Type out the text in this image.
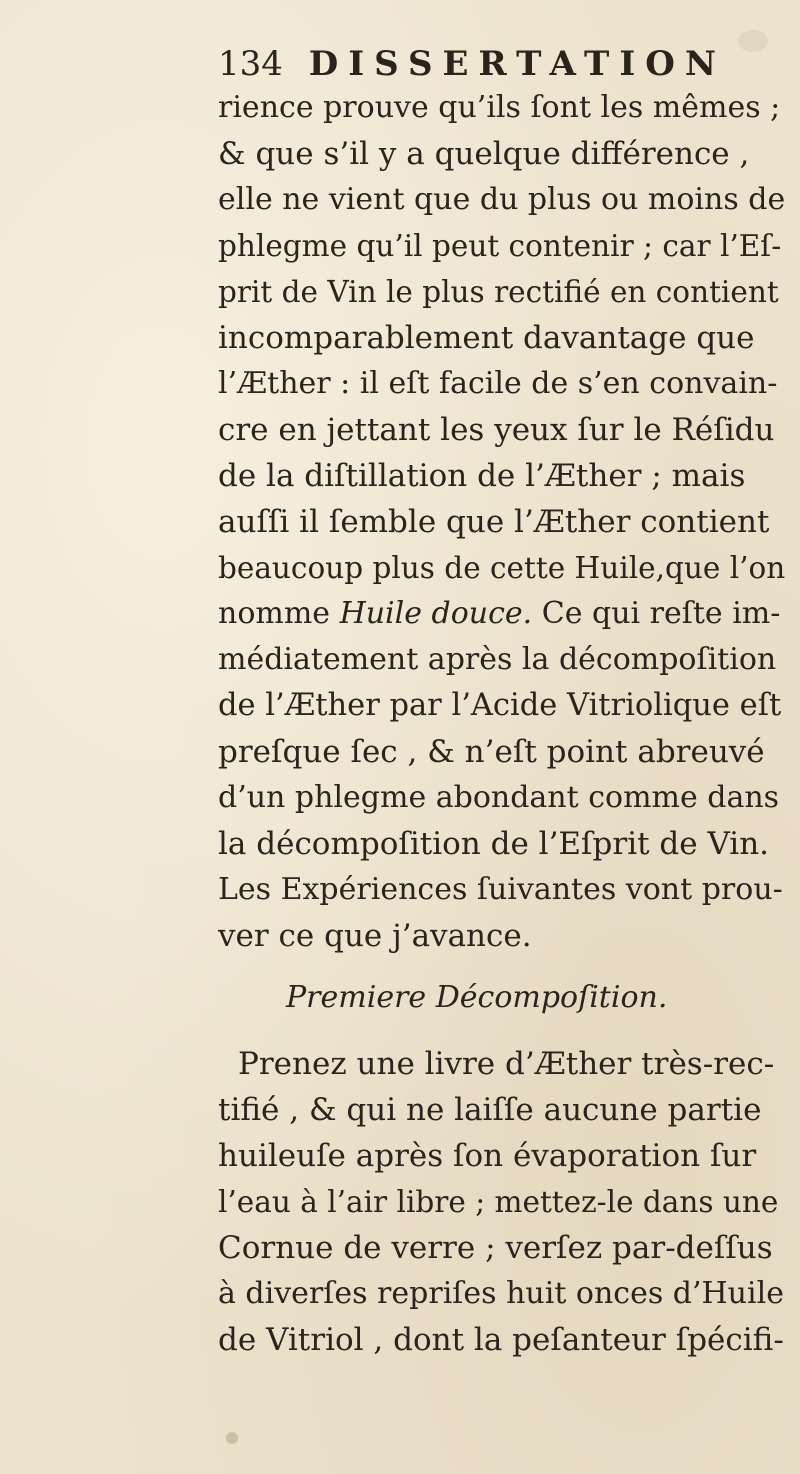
134 DISSERTATION
rience prouve qu’ils ſont les mêmes ;
& que s’il y a quelque différence ,
elle ne vient que du plus ou moins de
phlegme qu’il peut contenir ; car l’Eſ-
prit de Vin le plus rectifié en contient
incomparablement davantage que
l’Æther : il eſt facile de s’en convain-
cre en jettant les yeux ſur le Réſidu
de la diſtillation de l’Æther ; mais
auſſi il ſemble que l’Æther contient
beaucoup plus de cette Huile,que l’on
nomme Huile douce. Ce qui reſte im-
médiatement après la décompoſition
de l’Æther par l’Acide Vitriolique eſt
preſque ſec , & n’eſt point abreuvé
d’un phlegme abondant comme dans
la décompoſition de l’Eſprit de Vin.
Les Expériences ſuivantes vont prou-
ver ce que j’avance.
Premiere Décompoſition.
Prenez une livre d’Æther très-rec-
tifié , & qui ne laiſſe aucune partie
huileuſe après ſon évaporation ſur
l’eau à l’air libre ; mettez-le dans une
Cornue de verre ; verſez par-deſſus
à diverſes repriſes huit onces d’Huile
de Vitriol , dont la peſanteur ſpécifi-
